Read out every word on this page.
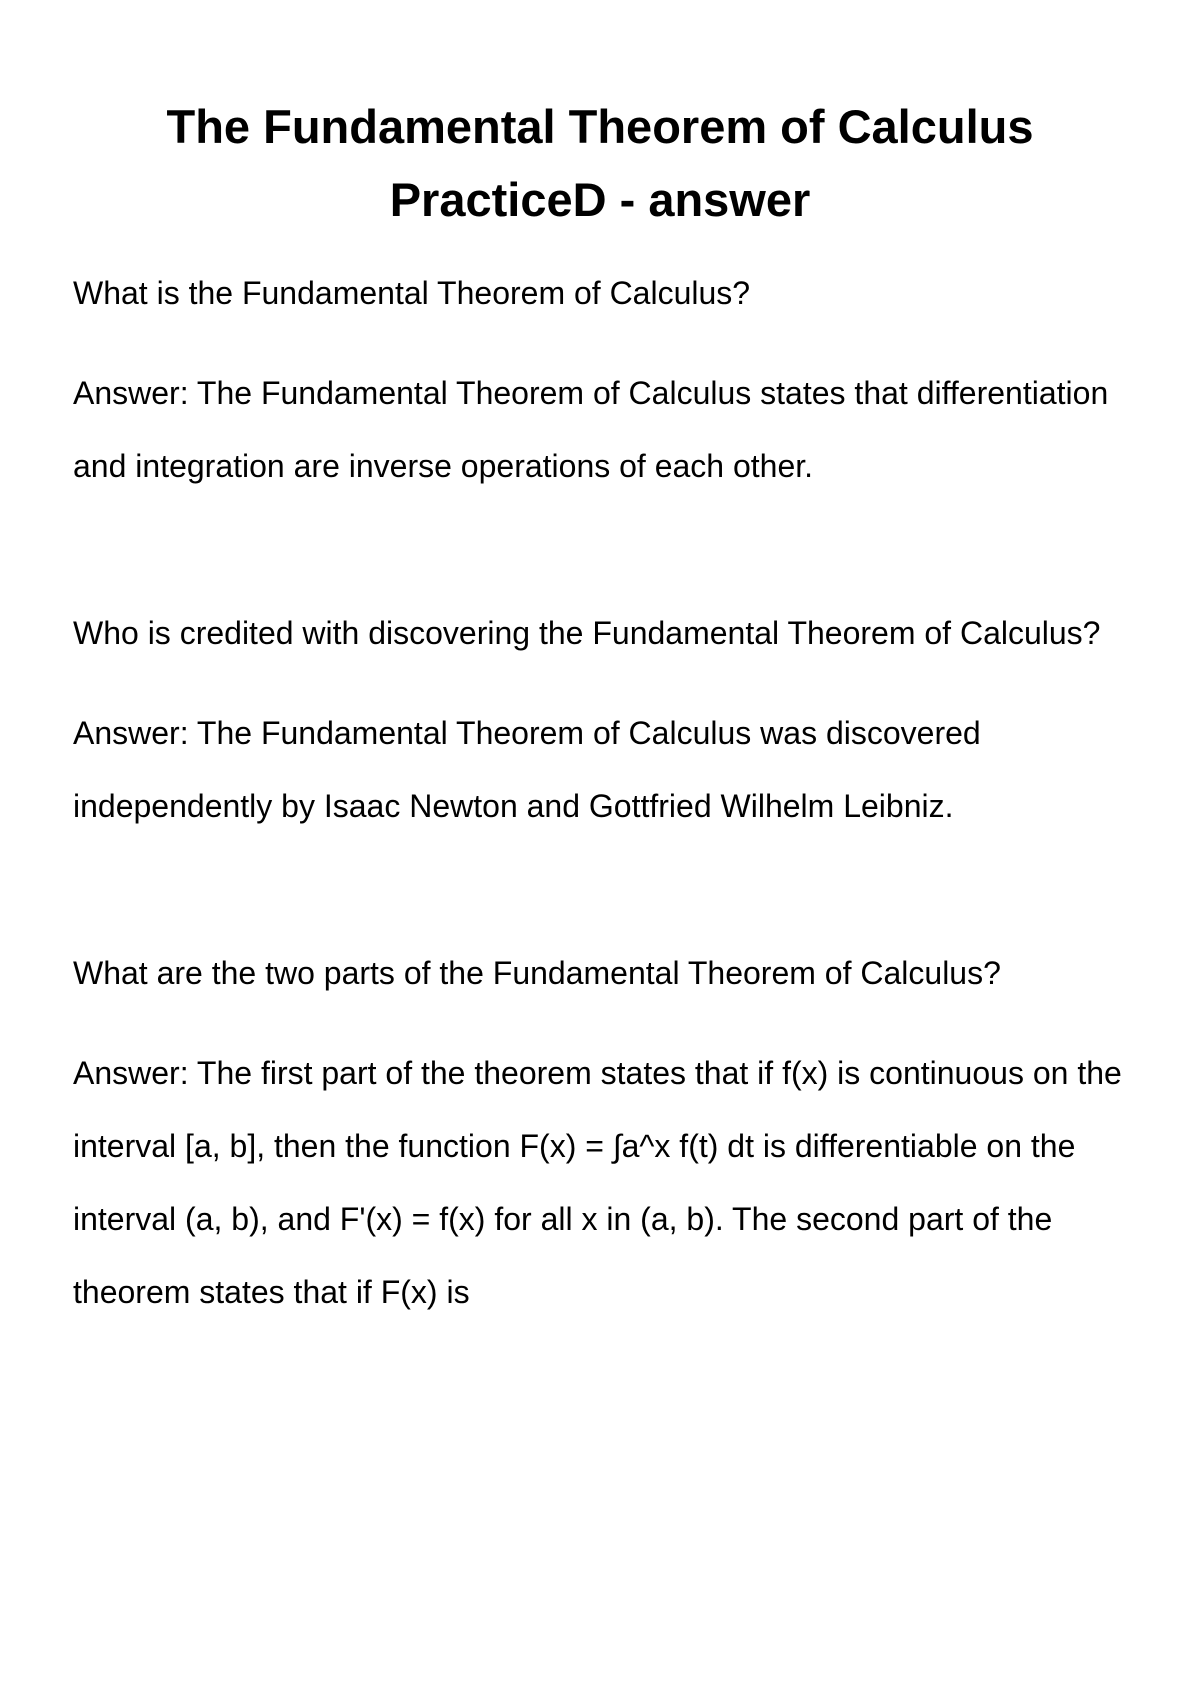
The Fundamental Theorem of Calculus
PracticeD - answer

What is the Fundamental Theorem of Calculus?

Answer: The Fundamental Theorem of Calculus states that differentiation and integration are inverse operations of each other.

Who is credited with discovering the Fundamental Theorem of Calculus?

Answer: The Fundamental Theorem of Calculus was discovered independently by Isaac Newton and Gottfried Wilhelm Leibniz.

What are the two parts of the Fundamental Theorem of Calculus?

Answer: The first part of the theorem states that if f(x) is continuous on the interval [a, b], then the function F(x) = ∫a^x f(t) dt is differentiable on the interval (a, b), and F'(x) = f(x) for all x in (a, b). The second part of the theorem states that if F(x) is
